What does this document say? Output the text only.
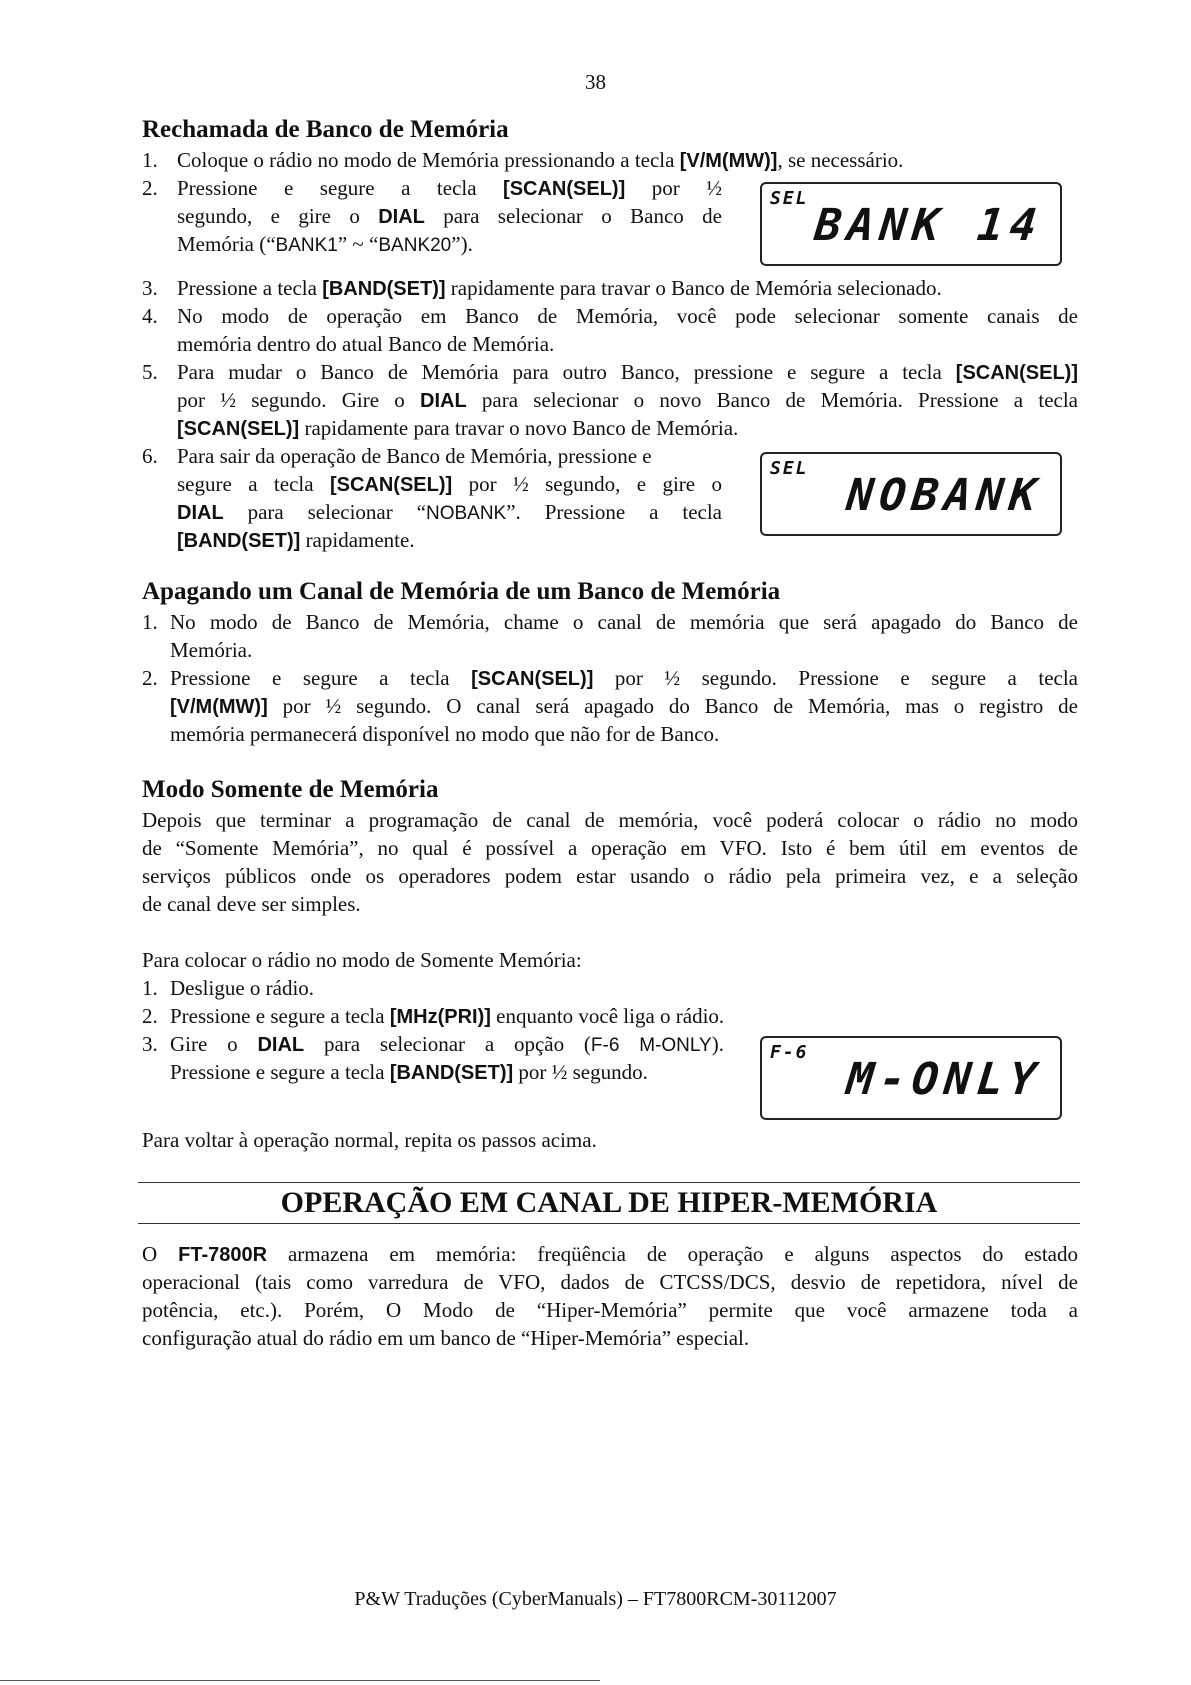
38
Rechamada de Banco de Memória
1. Coloque o rádio no modo de Memória pressionando a tecla [V/M(MW)], se necessário.
2. Pressione e segure a tecla [SCAN(SEL)] por ½
segundo, e gire o DIAL para selecionar o Banco de
Memória (“BANK1” ~ “BANK20”).
SEL
BANK 14
3. Pressione a tecla [BAND(SET)] rapidamente para travar o Banco de Memória selecionado.
4. No modo de operação em Banco de Memória, você pode selecionar somente canais de
memória dentro do atual Banco de Memória.
5. Para mudar o Banco de Memória para outro Banco, pressione e segure a tecla [SCAN(SEL)]
por ½ segundo. Gire o DIAL para selecionar o novo Banco de Memória. Pressione a tecla
[SCAN(SEL)] rapidamente para travar o novo Banco de Memória.
6. Para sair da operação de Banco de Memória, pressione e
segure a tecla [SCAN(SEL)] por ½ segundo, e gire o
DIAL para selecionar “NOBANK”. Pressione a tecla
[BAND(SET)] rapidamente.
SEL
NOBANK
Apagando um Canal de Memória de um Banco de Memória
1. No modo de Banco de Memória, chame o canal de memória que será apagado do Banco de
Memória.
2. Pressione e segure a tecla [SCAN(SEL)] por ½ segundo. Pressione e segure a tecla
[V/M(MW)] por ½ segundo. O canal será apagado do Banco de Memória, mas o registro de
memória permanecerá disponível no modo que não for de Banco.
Modo Somente de Memória
Depois que terminar a programação de canal de memória, você poderá colocar o rádio no modo
de “Somente Memória”, no qual é possível a operação em VFO. Isto é bem útil em eventos de
serviços públicos onde os operadores podem estar usando o rádio pela primeira vez, e a seleção
de canal deve ser simples.
Para colocar o rádio no modo de Somente Memória:
1. Desligue o rádio.
2. Pressione e segure a tecla [MHz(PRI)] enquanto você liga o rádio.
3. Gire o DIAL para selecionar a opção (F-6 M-ONLY).
Pressione e segure a tecla [BAND(SET)] por ½ segundo.
F-6
M-ONLY
Para voltar à operação normal, repita os passos acima.
OPERAÇÃO EM CANAL DE HIPER-MEMÓRIA
O FT-7800R armazena em memória: freqüência de operação e alguns aspectos do estado
operacional (tais como varredura de VFO, dados de CTCSS/DCS, desvio de repetidora, nível de
potência, etc.). Porém, O Modo de “Hiper-Memória” permite que você armazene toda a
configuração atual do rádio em um banco de “Hiper-Memória” especial.
P&W Traduções (CyberManuals) – FT7800RCM-30112007
